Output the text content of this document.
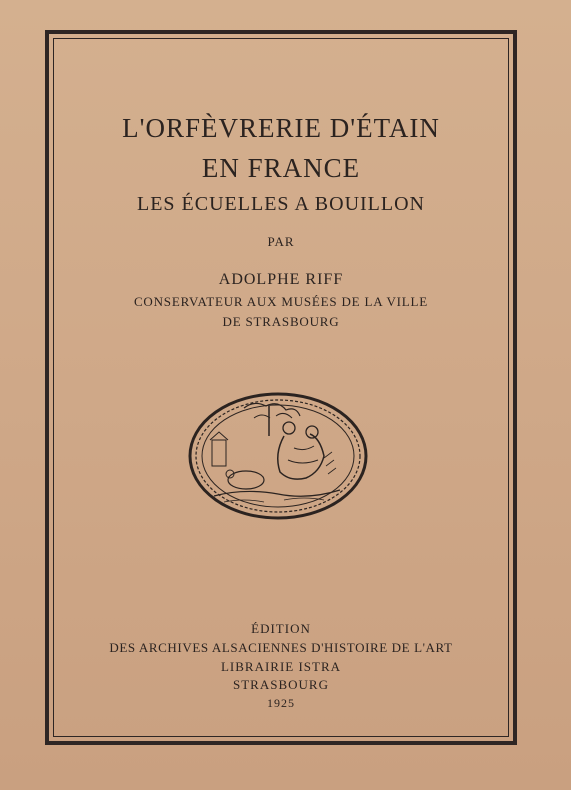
L'ORFÈVRERIE D'ÉTAIN
EN FRANCE
LES ÉCUELLES A BOUILLON
PAR
ADOLPHE RIFF
CONSERVATEUR AUX MUSÉES DE LA VILLE
DE STRASBOURG
ÉDITION
DES ARCHIVES ALSACIENNES D'HISTOIRE DE L'ART
LIBRAIRIE ISTRA
STRASBOURG
1925
